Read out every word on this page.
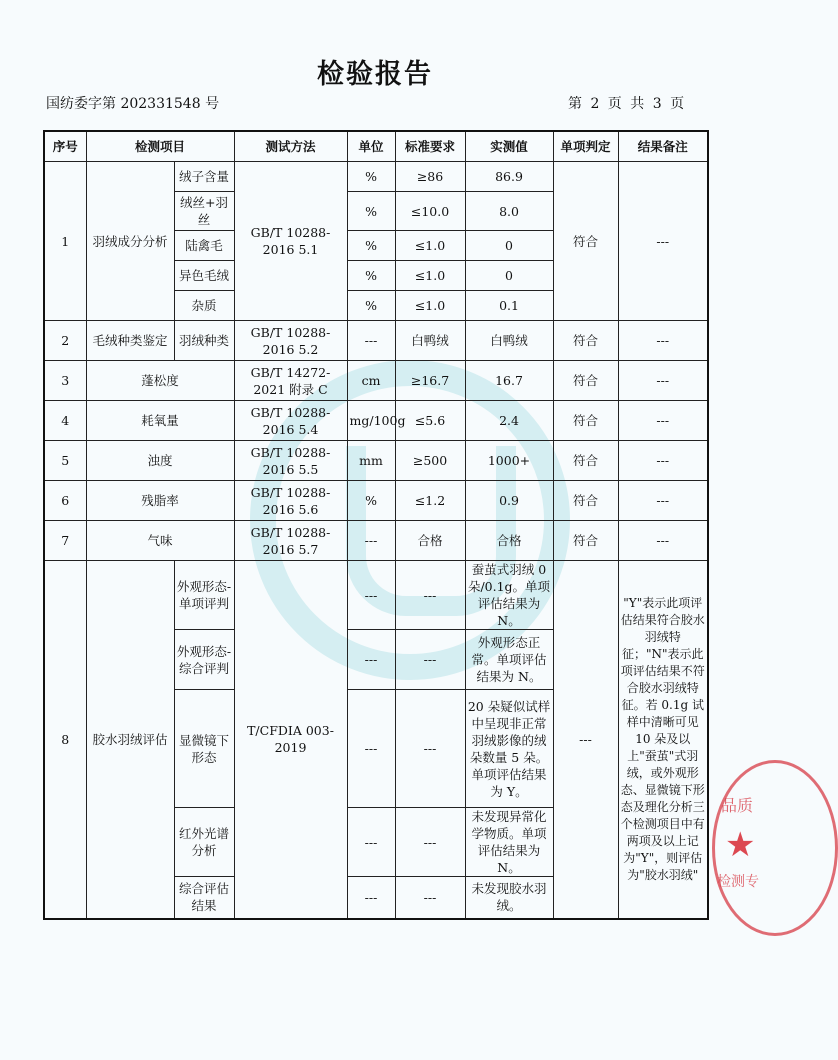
品质
★
检测专
检验报告
国纺委字第 202331548 号	第 2 页 共 3 页
序号	检测项目		测试方法	单位	标准要求	实测值	单项判定	结果备注
1	羽绒成分分析	绒子含量	GB/T 10288-2016 5.1	%	≥86	86.9	符合	---
		绒丝+羽丝		%	≤10.0	8.0		
		陆禽毛		%	≤1.0	0		
		异色毛绒		%	≤1.0	0		
		杂质		%	≤1.0	0.1		
2	毛绒种类鉴定	羽绒种类	GB/T 10288-2016 5.2	---	白鸭绒	白鸭绒	符合	---
3	蓬松度		GB/T 14272-2021 附录 C	cm	≥16.7	16.7	符合	---
4	耗氧量		GB/T 10288-2016 5.4	mg/100g	≤5.6	2.4	符合	---
5	浊度		GB/T 10288-2016 5.5	mm	≥500	1000+	符合	---
6	残脂率		GB/T 10288-2016 5.6	%	≤1.2	0.9	符合	---
7	气味		GB/T 10288-2016 5.7	---	合格	合格	符合	---
8	胶水羽绒评估	外观形态-单项评判	T/CFDIA 003-2019	---	---	蚕茧式羽绒 0 朵/0.1g。单项评估结果为 N。	---	"Y"表示此项评估结果符合胶水羽绒特征；"N"表示此项评估结果不符合胶水羽绒特征。若 0.1g 试样中清晰可见 10 朵及以上"蚕茧"式羽绒，或外观形态、显微镜下形态及理化分析三个检测项目中有两项及以上记为"Y"，则评估为"胶水羽绒"
		外观形态-综合评判		---	---	外观形态正常。单项评估结果为 N。		
		显微镜下形态		---	---	20 朵疑似试样中呈现非正常羽绒影像的绒朵数量 5 朵。单项评估结果为 Y。		
		红外光谱分析		---	---	未发现异常化学物质。单项评估结果为 N。		
		综合评估结果		---	---	未发现胶水羽绒。		
